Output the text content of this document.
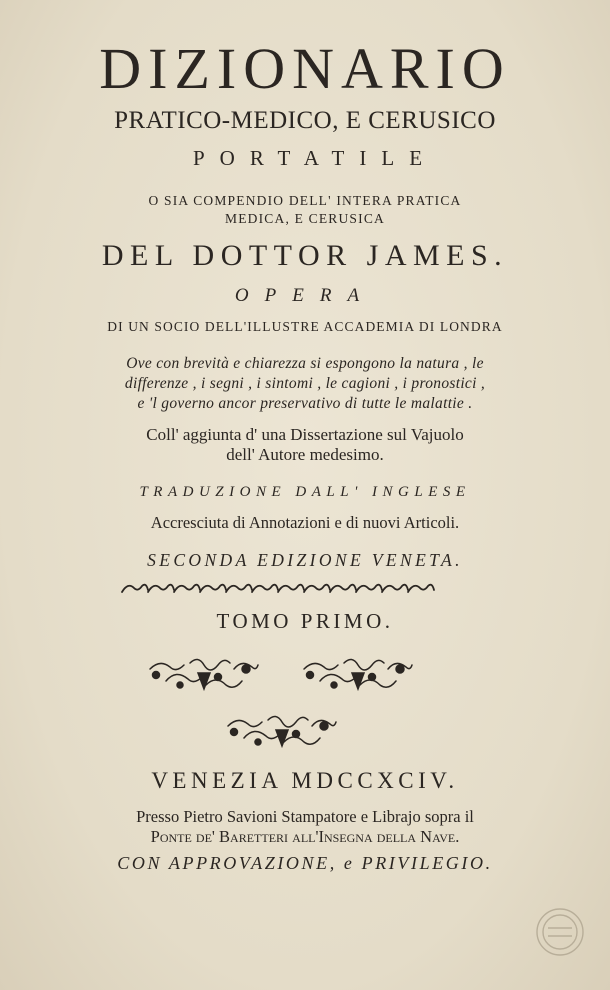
DIZIONARIO
PRATICO-MEDICO, E CERUSICO
PORTATILE
O SIA COMPENDIO DELL' INTERA PRATICA
MEDICA, E CERUSICA
DEL DOTTOR JAMES.
OPERA
DI UN SOCIO DELL'ILLUSTRE ACCADEMIA DI LONDRA
Ove con brevità e chiarezza si espongono la natura , le
differenze , i segni , i sintomi , le cagioni , i pronostici ,
e 'l governo ancor preservativo di tutte le malattie .
Coll' aggiunta d' una Dissertazione sul Vajuolo
dell' Autore medesimo.
TRADUZIONE DALL' INGLESE
Accresciuta di Annotazioni e di nuovi Articoli.
SECONDA EDIZIONE VENETA.
TOMO PRIMO.
VENEZIA MDCCXCIV.
Presso Pietro Savioni Stampatore e Librajo sopra il
Ponte de' Baretteri all'Insegna della Nave.
CON APPROVAZIONE, e PRIVILEGIO.
